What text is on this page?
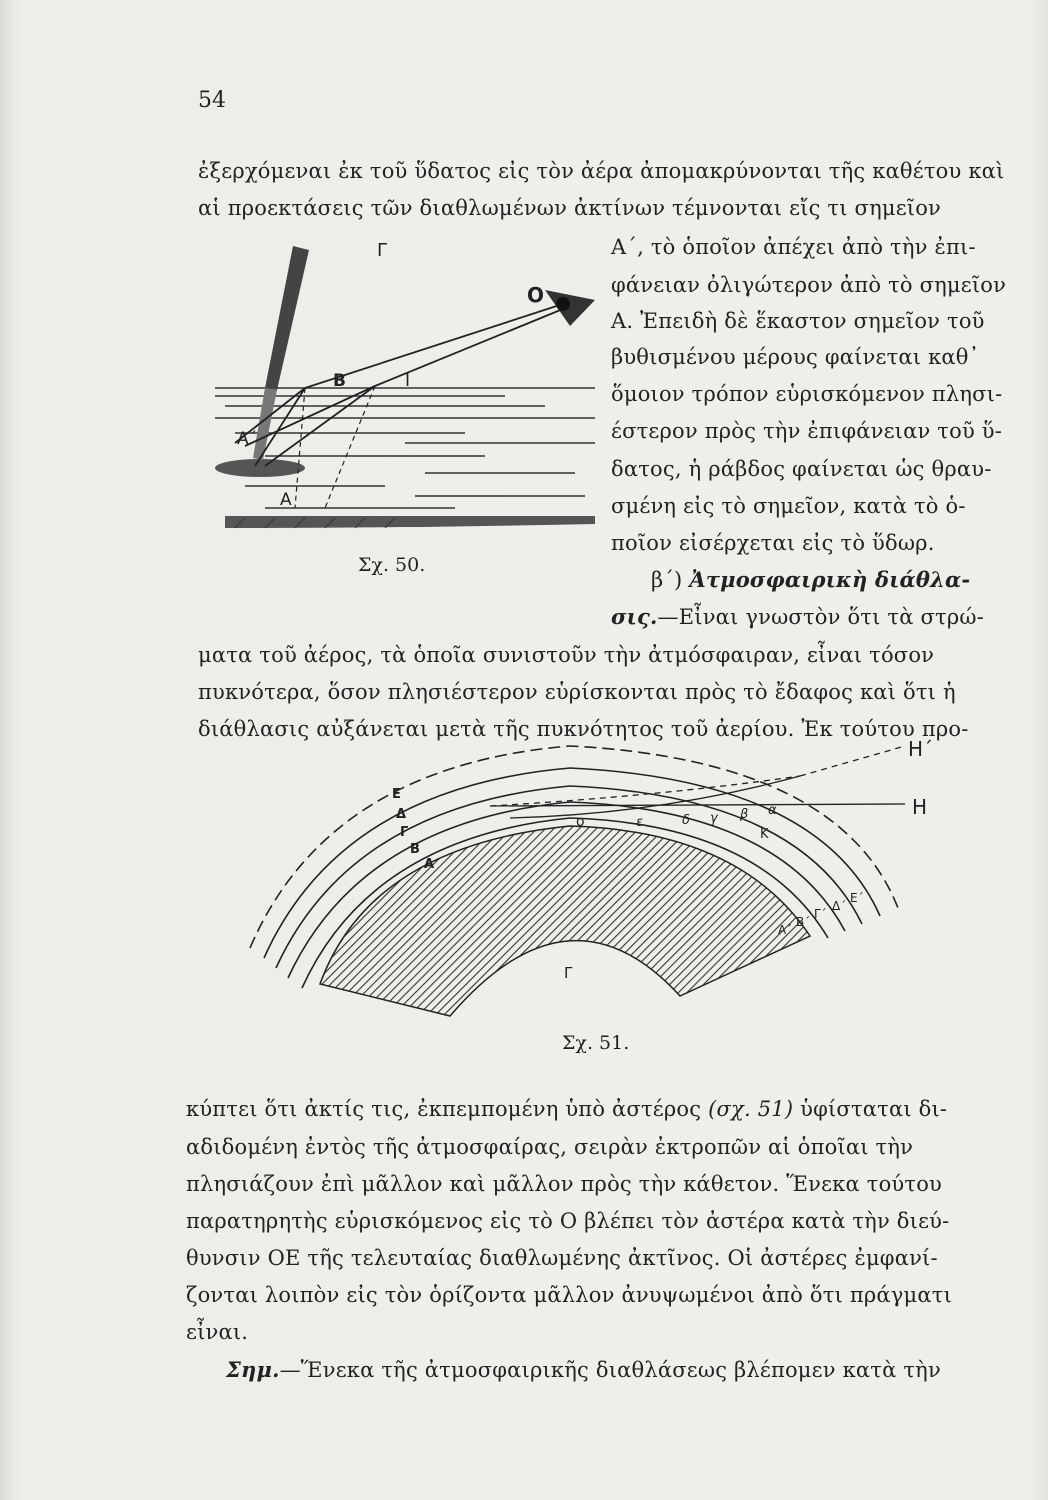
54
ἐξερχόμεναι ἐκ τοῦ ὕδατος εἰς τὸν ἀέρα ἀπομακρύνονται τῆς καθέτου καὶ
αἱ προεκτάσεις τῶν διαθλωμένων ἀκτίνων τέμνονται εἴς τι σημεῖον
Α΄, τὸ ὁποῖον ἀπέχει ἀπὸ τὴν ἐπι-
φάνειαν ὀλιγώτερον ἀπὸ τὸ σημεῖον
Α. Ἐπειδὴ δὲ ἕκαστον σημεῖον τοῦ
βυθισμένου μέρους φαίνεται καθ᾿
ὅμοιον τρόπον εὑρισκόμενον πλησι-
έστερον πρὸς τὴν ἐπιφάνειαν τοῦ ὕ-
δατος, ἡ ράβδος φαίνεται ὡς θραυ-
σμένη εἰς τὸ σημεῖον, κατὰ τὸ ὁ-
ποῖον εἰσέρχεται εἰς τὸ ὕδωρ.
β΄) Ἀτμοσφαιρικὴ διάθλα-
σις.—Εἶναι γνωστὸν ὅτι τὰ στρώ-
ματα τοῦ ἀέρος, τὰ ὁποῖα συνιστοῦν τὴν ἀτμόσφαιραν, εἶναι τόσον
πυκνότερα, ὅσον πλησιέστερον εὑρίσκονται πρὸς τὸ ἔδαφος καὶ ὅτι ἡ
διάθλασις αὐξάνεται μετὰ τῆς πυκνότητος τοῦ ἀερίου. Ἐκ τούτου προ-
Γ
Ο
Β	Ι
Α΄
Α
Σχ. 50.
Η΄
Η
Ε
Δ
Γ
Β
Α
Α΄
Β΄
Γ΄
Δ΄
Ε΄
ο	ε	δ γ β α
Κ
Γ
Σχ. 51.
κύπτει ὅτι ἀκτίς τις, ἐκπεμπομένη ὑπὸ ἀστέρος (σχ. 51) ὑφίσταται δι-
αδιδομένη ἐντὸς τῆς ἀτμοσφαίρας, σειρὰν ἐκτροπῶν αἱ ὁποῖαι τὴν
πλησιάζουν ἐπὶ μᾶλλον καὶ μᾶλλον πρὸς τὴν κάθετον. Ἕνεκα τούτου
παρατηρητὴς εὑρισκόμενος εἰς τὸ Ο βλέπει τὸν ἀστέρα κατὰ τὴν διεύ-
θυνσιν ΟΕ τῆς τελευταίας διαθλωμένης ἀκτῖνος. Οἱ ἀστέρες ἐμφανί-
ζονται λοιπὸν εἰς τὸν ὁρίζοντα μᾶλλον ἀνυψωμένοι ἀπὸ ὅτι πράγματι
εἶναι.
Σημ.—Ἕνεκα τῆς ἀτμοσφαιρικῆς διαθλάσεως βλέπομεν κατὰ τὴν
